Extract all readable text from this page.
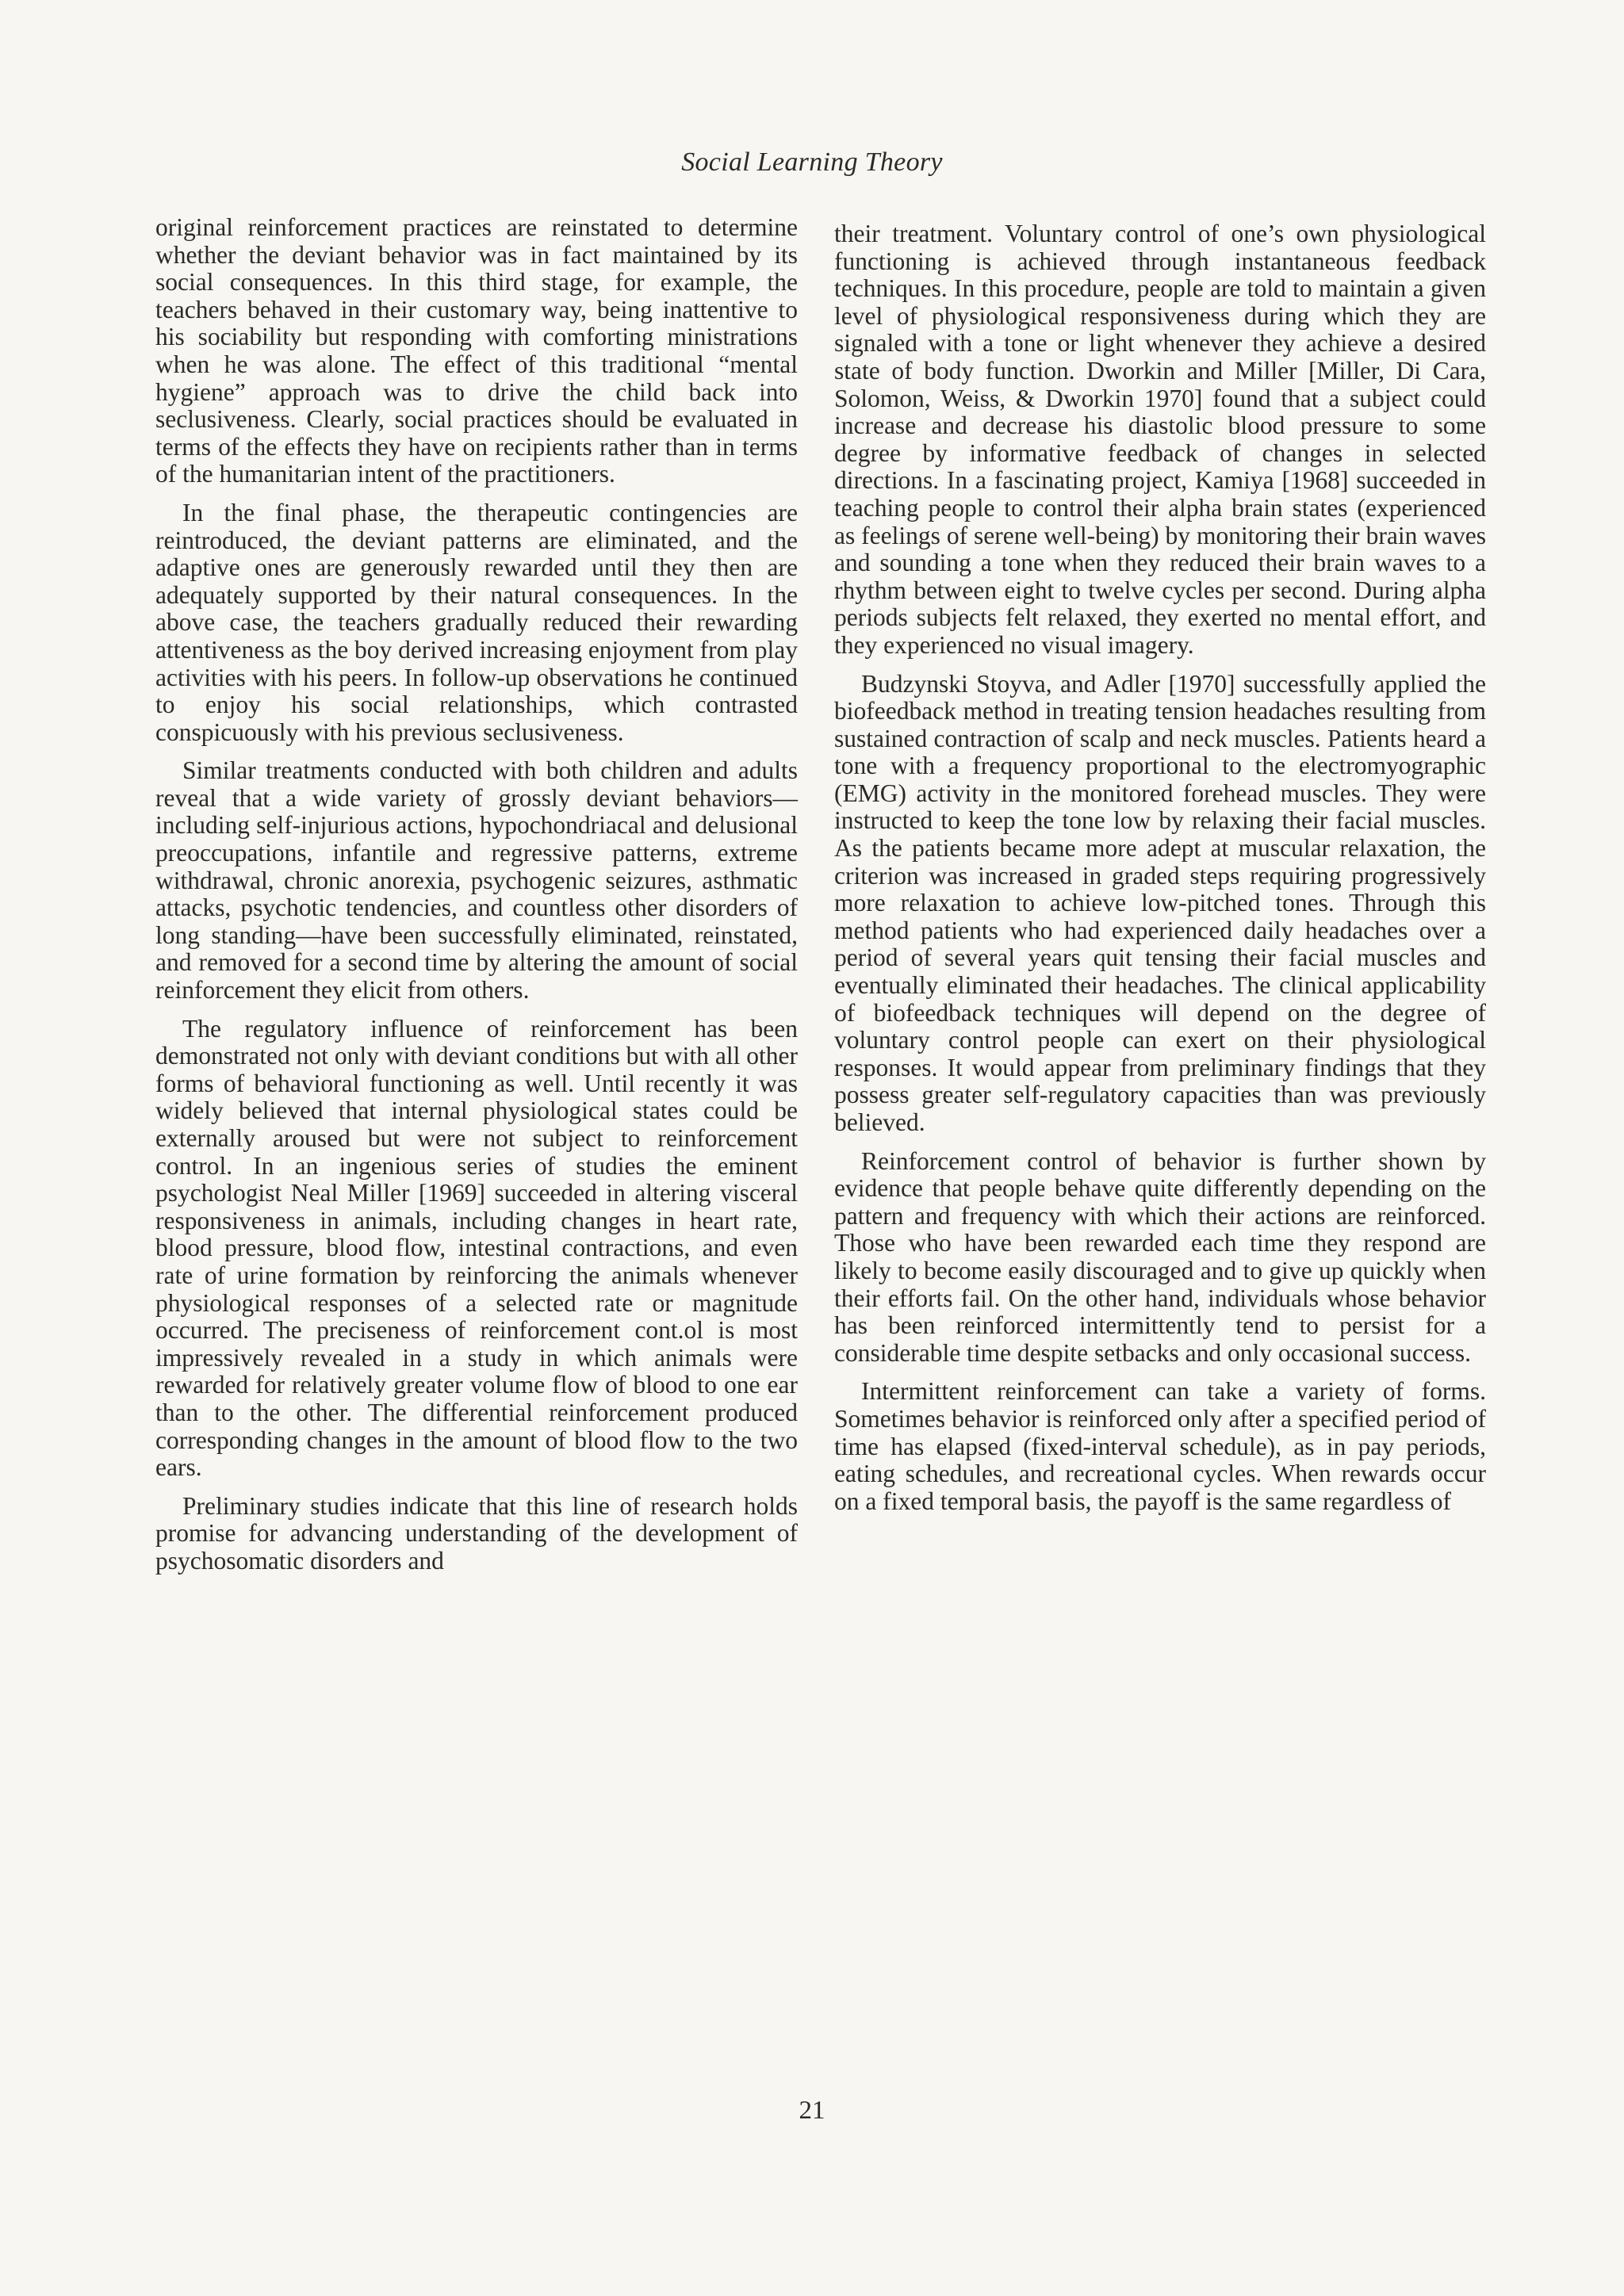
Social Learning Theory

original reinforcement practices are reinstated to determine whether the deviant behavior was in fact maintained by its social consequences. In this third stage, for example, the teachers behaved in their customary way, being inattentive to his sociability but responding with comforting ministrations when he was alone. The effect of this traditional “mental hygiene” approach was to drive the child back into seclusiveness. Clearly, social practices should be evaluated in terms of the effects they have on recipients rather than in terms of the humanitarian intent of the practitioners.

In the final phase, the therapeutic contingencies are reintroduced, the deviant patterns are eliminated, and the adaptive ones are generously rewarded until they then are adequately supported by their natural consequences. In the above case, the teachers gradually reduced their rewarding attentiveness as the boy derived increasing enjoyment from play activities with his peers. In follow-up observations he continued to enjoy his social relationships, which contrasted conspicuously with his previous seclusiveness.

Similar treatments conducted with both children and adults reveal that a wide variety of grossly deviant behaviors—including self-injurious actions, hypochondriacal and delusional preoccupations, infantile and regressive patterns, extreme withdrawal, chronic anorexia, psychogenic seizures, asthmatic attacks, psychotic tendencies, and countless other disorders of long standing—have been successfully eliminated, reinstated, and removed for a second time by altering the amount of social reinforcement they elicit from others.

The regulatory influence of reinforcement has been demonstrated not only with deviant conditions but with all other forms of behavioral functioning as well. Until recently it was widely believed that internal physiological states could be externally aroused but were not subject to reinforcement control. In an ingenious series of studies the eminent psychologist Neal Miller [1969] succeeded in altering visceral responsiveness in animals, including changes in heart rate, blood pressure, blood flow, intestinal contractions, and even rate of urine formation by reinforcing the animals whenever physiological responses of a selected rate or magnitude occurred. The preciseness of reinforcement cont.ol is most impressively revealed in a study in which animals were rewarded for relatively greater volume flow of blood to one ear than to the other. The differential reinforcement produced corresponding changes in the amount of blood flow to the two ears.

Preliminary studies indicate that this line of research holds promise for advancing understanding of the development of psychosomatic disorders and

their treatment. Voluntary control of one’s own physiological functioning is achieved through instantaneous feedback techniques. In this procedure, people are told to maintain a given level of physiological responsiveness during which they are signaled with a tone or light whenever they achieve a desired state of body function. Dworkin and Miller [Miller, Di Cara, Solomon, Weiss, & Dworkin 1970] found that a subject could increase and decrease his diastolic blood pressure to some degree by informative feedback of changes in selected directions. In a fascinating project, Kamiya [1968] succeeded in teaching people to control their alpha brain states (experienced as feelings of serene well-being) by monitoring their brain waves and sounding a tone when they reduced their brain waves to a rhythm between eight to twelve cycles per second. During alpha periods subjects felt relaxed, they exerted no mental effort, and they experienced no visual imagery.

Budzynski Stoyva, and Adler [1970] successfully applied the biofeedback method in treating tension headaches resulting from sustained contraction of scalp and neck muscles. Patients heard a tone with a frequency proportional to the electromyographic (EMG) activity in the monitored forehead muscles. They were instructed to keep the tone low by relaxing their facial muscles. As the patients became more adept at muscular relaxation, the criterion was increased in graded steps requiring progressively more relaxation to achieve low-pitched tones. Through this method patients who had experienced daily headaches over a period of several years quit tensing their facial muscles and eventually eliminated their headaches. The clinical applicability of biofeedback techniques will depend on the degree of voluntary control people can exert on their physiological responses. It would appear from preliminary findings that they possess greater self-regulatory capacities than was previously believed.

Reinforcement control of behavior is further shown by evidence that people behave quite differently depending on the pattern and frequency with which their actions are reinforced. Those who have been rewarded each time they respond are likely to become easily discouraged and to give up quickly when their efforts fail. On the other hand, individuals whose behavior has been reinforced intermittently tend to persist for a considerable time despite setbacks and only occasional success.

Intermittent reinforcement can take a variety of forms. Sometimes behavior is reinforced only after a specified period of time has elapsed (fixed-interval schedule), as in pay periods, eating schedules, and recreational cycles. When rewards occur on a fixed temporal basis, the payoff is the same regardless of

21
